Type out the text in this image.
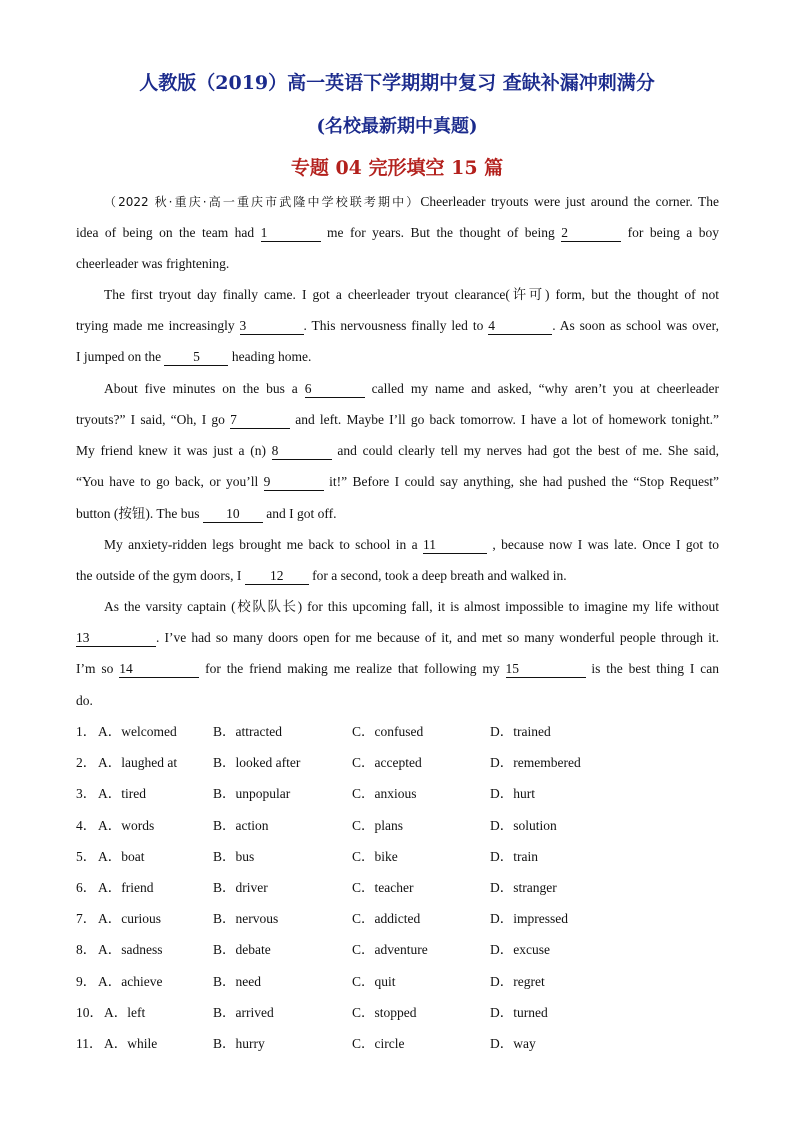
人教版（2019）高一英语下学期期中复习 查缺补漏冲刺满分
(名校最新期中真题)
专题 04 完形填空 15 篇
（2022 秋·重庆·高一重庆市武隆中学校联考期中）Cheerleader tryouts were just around the corner. The
idea of being on the team had 1	me for years. But the thought of being 2	for being a boy
cheerleader was frightening.
The first tryout day finally came. I got a cheerleader tryout clearance(许可) form, but the thought of not
trying made me increasingly 3	. This nervousness finally led to 4	. As soon as school was over,
I jumped on the 5 heading home.
About five minutes on the bus a 6	called my name and asked, “why aren’t you at cheerleader
tryouts?” I said, “Oh, I go 7	and left. Maybe I’ll go back tomorrow. I have a lot of homework tonight.”
My friend knew it was just a (n) 8	and could clearly tell my nerves had got the best of me. She said,
“You have to go back, or you’ll 9	it!” Before I could say anything, she had pushed the “Stop Request”
button (按钮). The bus 10 and I got off.
My anxiety-ridden legs brought me back to school in a 11	, because now I was late. Once I got to
the outside of the gym doors, I 12 for a second, took a deep breath and walked in.
As the varsity captain (校队队长) for this upcoming fall, it is almost impossible to imagine my life without
13	. I’ve had so many doors open for me because of it, and met so many wonderful people through it.
I’m so 14	for the friend making me realize that following my 15	is the best thing I can
do.
1． A．welcomed	B．attracted	C．confused	D．trained
2． A．laughed at	B．looked after	C．accepted	D．remembered
3． A．tired	B．unpopular	C．anxious	D．hurt
4． A．words	B．action	C．plans	D．solution
5． A．boat	B．bus	C．bike	D．train
6． A．friend	B．driver	C．teacher	D．stranger
7． A．curious	B．nervous	C．addicted	D．impressed
8． A．sadness	B．debate	C．adventure	D．excuse
9． A．achieve	B．need	C．quit	D．regret
10． A．left	B．arrived	C．stopped	D．turned
11． A．while	B．hurry	C．circle	D．way
